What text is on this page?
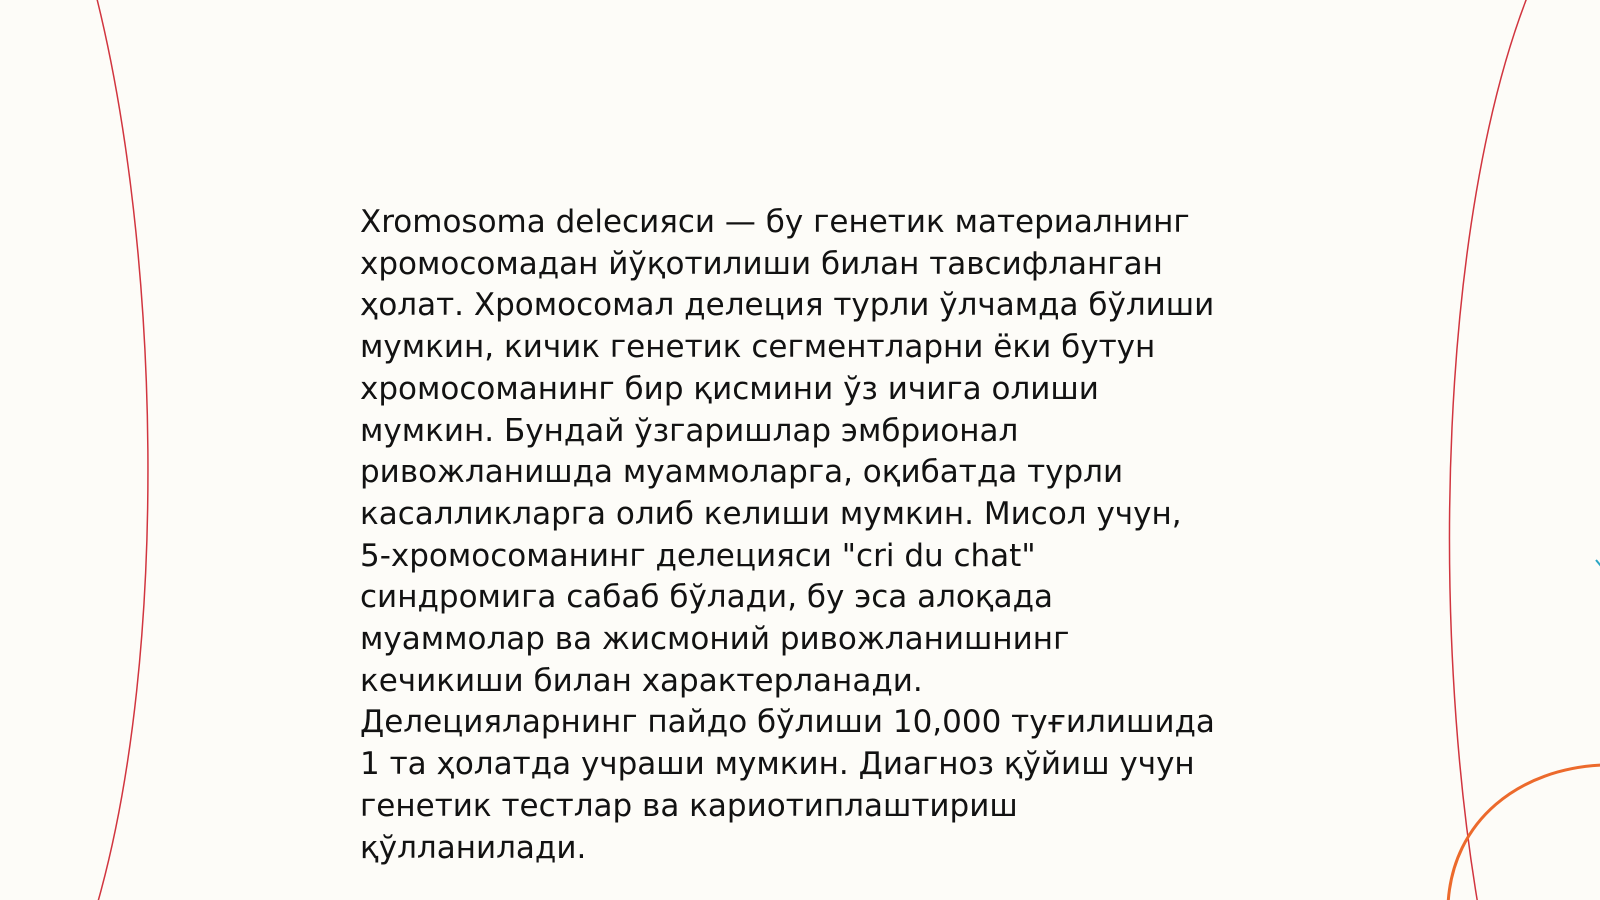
Xromosoma delecияси — бу генетик материалнинг
хромосомадан йўқотилиши билан тавсифланган
ҳолат. Хромосомал делеция турли ўлчамда бўлиши
мумкин, кичик генетик сегментларни ёки бутун
хромосоманинг бир қисмини ўз ичига олиши
мумкин. Бундай ўзгаришлар эмбрионал
ривожланишда муаммоларга, оқибатда турли
касалликларга олиб келиши мумкин. Мисол учун,
5-хромосоманинг делецияси "cri du chat"
синдромига сабаб бўлади, бу эса алоқада
муаммолар ва жисмоний ривожланишнинг
кечикиши билан характерланади.
Делецияларнинг пайдо бўлиши 10,000 туғилишида
1 та ҳолатда учраши мумкин. Диагноз қўйиш учун
генетик тестлар ва кариотиплаштириш
қўлланилади.
